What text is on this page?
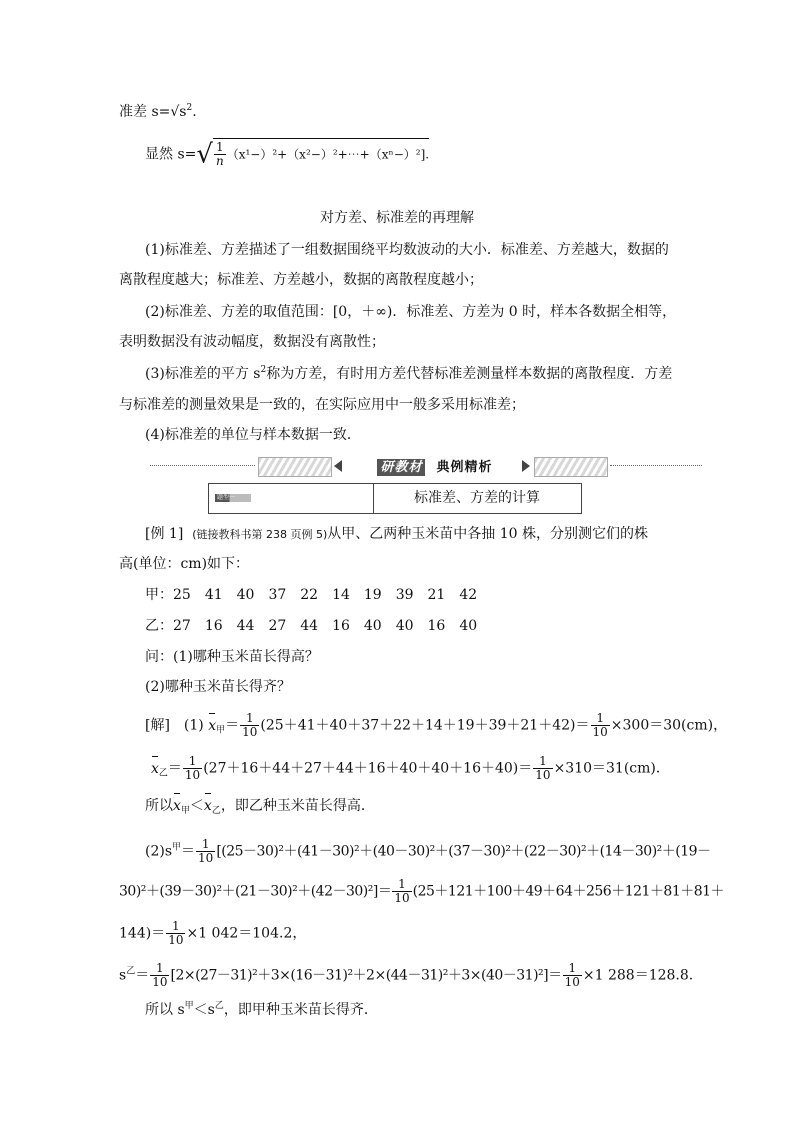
准差 $s=√s^2$.
显然 $s=√ \frac{1}{n}$ （x¹−）²+（x²−）²+⋯+（xⁿ−）²].
对方差、标准差的再理解
(1)标准差、方差描述了一组数据围绕平均数波动的大小．标准差、方差越大，数据的
离散程度越大；标准差、方差越小，数据的离散程度越小；
(2)标准差、方差的取值范围：[0，＋∞)．标准差、方差为 0 时，样本各数据全相等，
表明数据没有波动幅度，数据没有离散性；
(3)标准差的平方 $s^2$称为方差，有时用方差代替标准差测量样本数据的离散程度．方差
与标准差的测量效果是一致的，在实际应用中一般多采用标准差；
(4)标准差的单位与样本数据一致．
研教材 典例精析
题型一	标准差、方差的计算
[例 1] (链接教科书第 238 页例 5)从甲、乙两种玉米苗中各抽 10 株，分别测它们的株
高(单位：cm)如下：
甲：25　41　40　37　22　14　19　39　21　42
乙：27　16　44　27　44　16　40　40　16　40
问：(1)哪种玉米苗长得高？
(2)哪种玉米苗长得齐？
[解]　(1) $x_甲= \frac{1}{10} (25+41+40+37+22+14+19+39+21+42)= \frac{1}{10} \times 300=30(cm)$，
$x_乙= \frac{1}{10} (27+16+44+27+44+16+40+40+16+40)= \frac{1}{10} \times 310=31(cm)$．
所以$x_甲<x_乙$，即乙种玉米苗长得高．
$(2)s^甲= \frac{1}{10} [(25-30)^2+(41-30)^2+(40-30)^2+(37-30)^2+(22-30)^2+(14-30)^2+(19-$
$30)^2+(39-30)^2+(21-30)^2+(42-30)^2]= \frac{1}{10} (25+121+100+49+64+256+121+81+81+$
$144)= \frac{1}{10} \times 1$ 042＝104.2，
$s^乙= \frac{1}{10} [2\times(27-31)^2+3\times(16-31)^2+2\times(44-31)^2+3\times(40-31)^2]= \frac{1}{10} \times 1$ 288＝128.8.
所以 $s^甲<s^乙$，即甲种玉米苗长得齐．
